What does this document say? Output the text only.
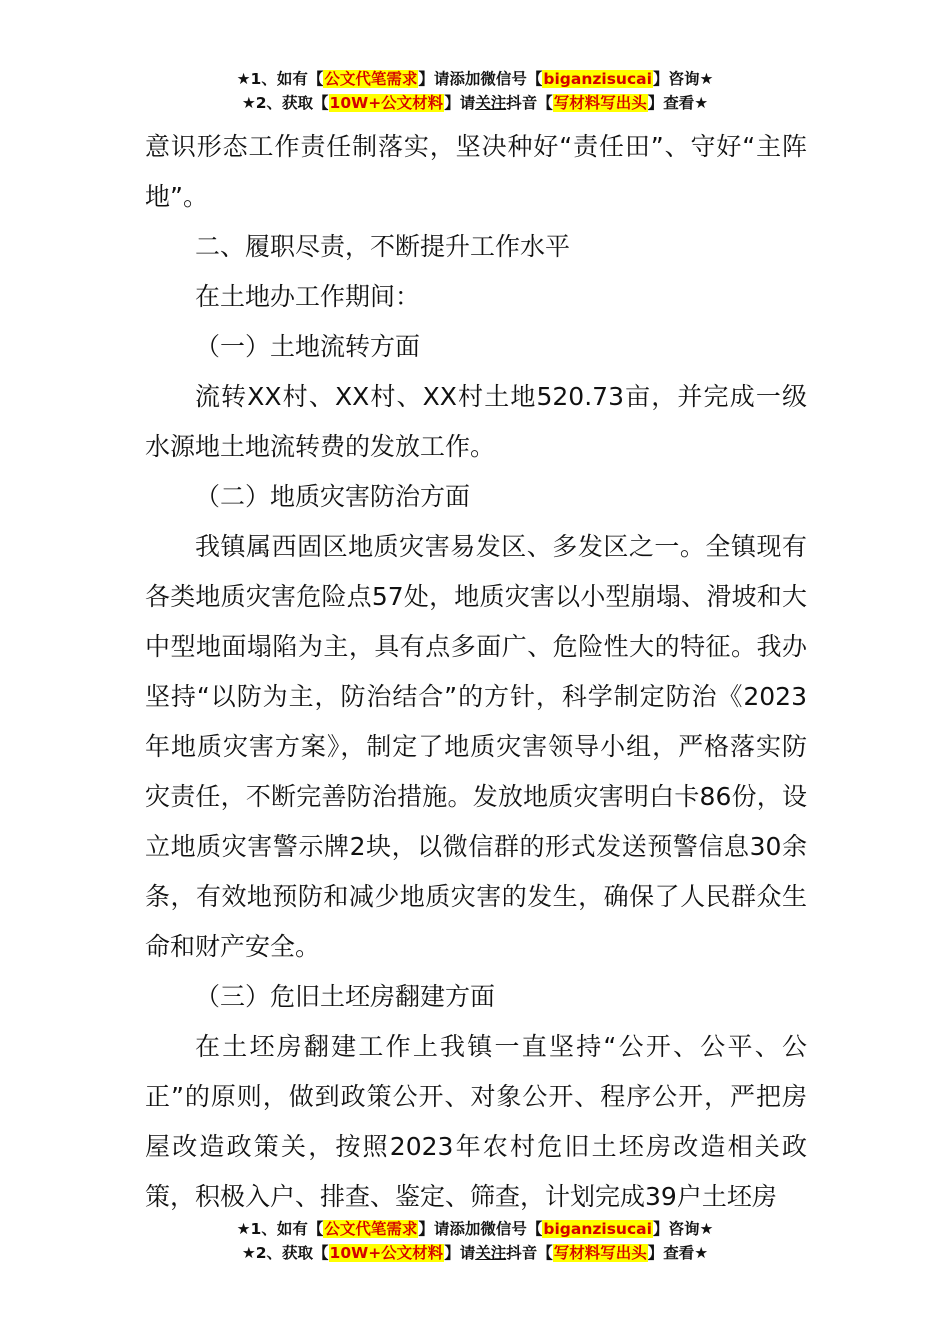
★1、如有【公文代笔需求】请添加微信号【biganzisucai】咨询★
★2、获取【10W+公文材料】请关注抖音【写材料写出头】查看★

意识形态工作责任制落实，坚决种好“责任田”、守好“主阵地”。

二、履职尽责，不断提升工作水平

在土地办工作期间：

（一）土地流转方面

流转XX村、XX村、XX村土地520.73亩，并完成一级水源地土地流转费的发放工作。

（二）地质灾害防治方面

我镇属西固区地质灾害易发区、多发区之一。全镇现有各类地质灾害危险点57处，地质灾害以小型崩塌、滑坡和大中型地面塌陷为主，具有点多面广、危险性大的特征。我办坚持“以防为主，防治结合”的方针，科学制定防治《2023年地质灾害方案》，制定了地质灾害领导小组，严格落实防灾责任，不断完善防治措施。发放地质灾害明白卡86份，设立地质灾害警示牌2块，以微信群的形式发送预警信息30余条，有效地预防和减少地质灾害的发生，确保了人民群众生命和财产安全。

（三）危旧土坯房翻建方面

在土坯房翻建工作上我镇一直坚持“公开、公平、公正”的原则，做到政策公开、对象公开、程序公开，严把房屋改造政策关，按照2023年农村危旧土坯房改造相关政策，积极入户、排查、鉴定、筛查，计划完成39户土坯房

★1、如有【公文代笔需求】请添加微信号【biganzisucai】咨询★
★2、获取【10W+公文材料】请关注抖音【写材料写出头】查看★
